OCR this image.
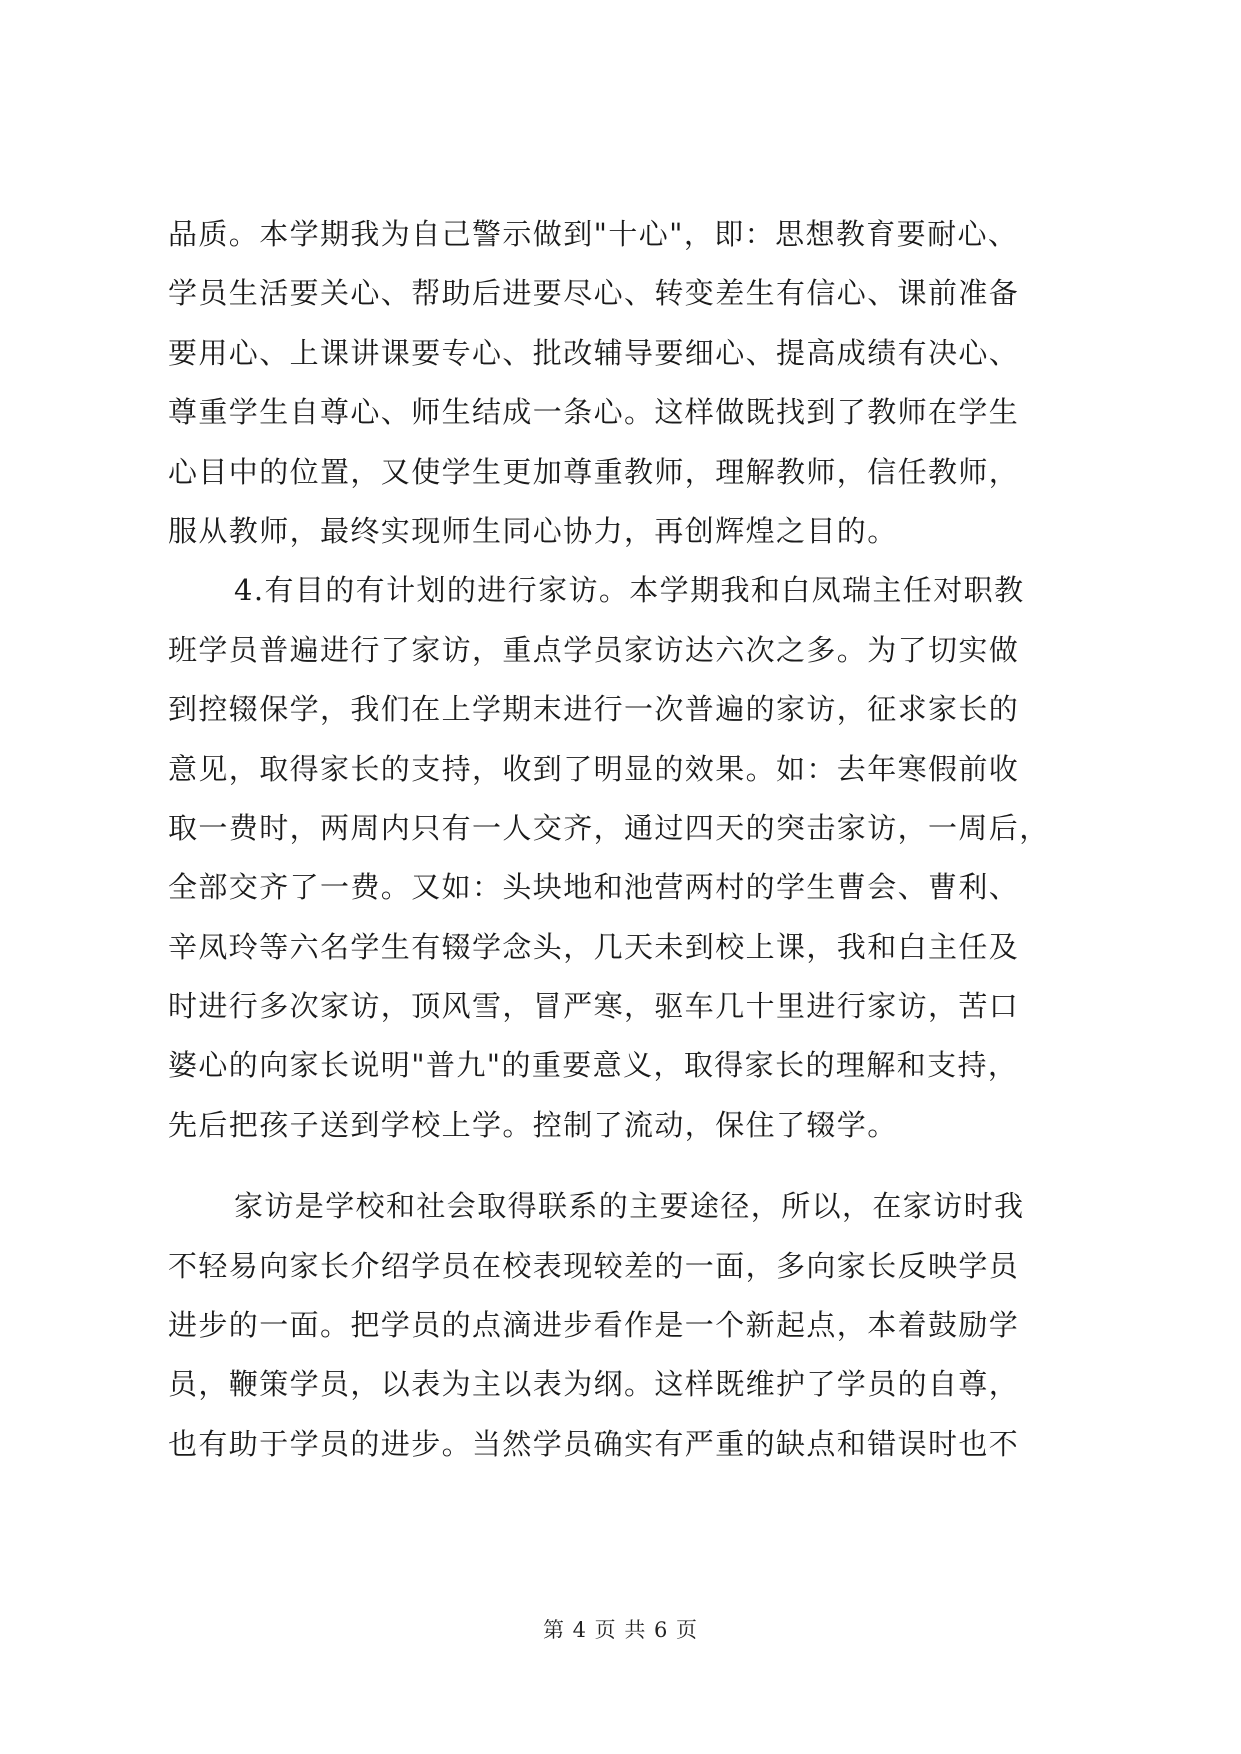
品质。本学期我为自己警示做到"十心"，即：思想教育要耐心、
学员生活要关心、帮助后进要尽心、转变差生有信心、课前准备
要用心、上课讲课要专心、批改辅导要细心、提高成绩有决心、
尊重学生自尊心、师生结成一条心。这样做既找到了教师在学生
心目中的位置，又使学生更加尊重教师，理解教师，信任教师，
服从教师，最终实现师生同心协力，再创辉煌之目的。
4.有目的有计划的进行家访。本学期我和白凤瑞主任对职教
班学员普遍进行了家访，重点学员家访达六次之多。为了切实做
到控辍保学，我们在上学期末进行一次普遍的家访，征求家长的
意见，取得家长的支持，收到了明显的效果。如：去年寒假前收
取一费时，两周内只有一人交齐，通过四天的突击家访，一周后，
全部交齐了一费。又如：头块地和池营两村的学生曹会、曹利、
辛凤玲等六名学生有辍学念头，几天未到校上课，我和白主任及
时进行多次家访，顶风雪，冒严寒，驱车几十里进行家访，苦口
婆心的向家长说明"普九"的重要意义，取得家长的理解和支持，
先后把孩子送到学校上学。控制了流动，保住了辍学。
家访是学校和社会取得联系的主要途径，所以，在家访时我
不轻易向家长介绍学员在校表现较差的一面，多向家长反映学员
进步的一面。把学员的点滴进步看作是一个新起点，本着鼓励学
员，鞭策学员，以表为主以表为纲。这样既维护了学员的自尊，
也有助于学员的进步。当然学员确实有严重的缺点和错误时也不
第 4 页 共 6 页
